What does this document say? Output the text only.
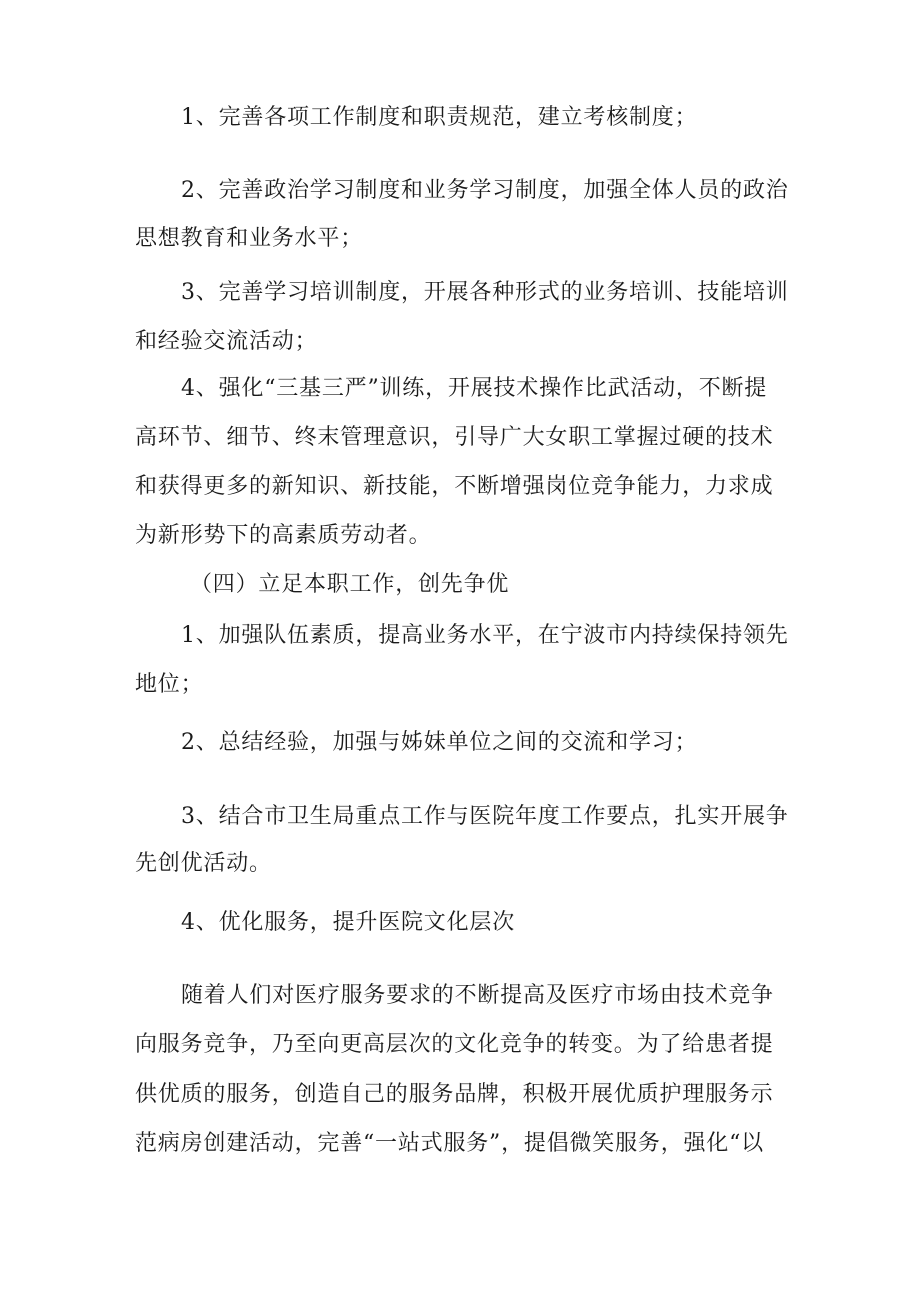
1、完善各项工作制度和职责规范，建立考核制度；

2、完善政治学习制度和业务学习制度，加强全体人员的政治

思想教育和业务水平；

3、完善学习培训制度，开展各种形式的业务培训、技能培训

和经验交流活动；

4、强化“三基三严”训练，开展技术操作比武活动，不断提

高环节、细节、终末管理意识，引导广大女职工掌握过硬的技术

和获得更多的新知识、新技能，不断增强岗位竞争能力，力求成

为新形势下的高素质劳动者。

（四）立足本职工作，创先争优

1、加强队伍素质，提高业务水平，在宁波市内持续保持领先

地位；

2、总结经验，加强与姊妹单位之间的交流和学习；

3、结合市卫生局重点工作与医院年度工作要点，扎实开展争

先创优活动。

4、优化服务，提升医院文化层次

随着人们对医疗服务要求的不断提高及医疗市场由技术竞争

向服务竞争，乃至向更高层次的文化竞争的转变。为了给患者提

供优质的服务，创造自己的服务品牌，积极开展优质护理服务示

范病房创建活动，完善“一站式服务”，提倡微笑服务，强化“以
